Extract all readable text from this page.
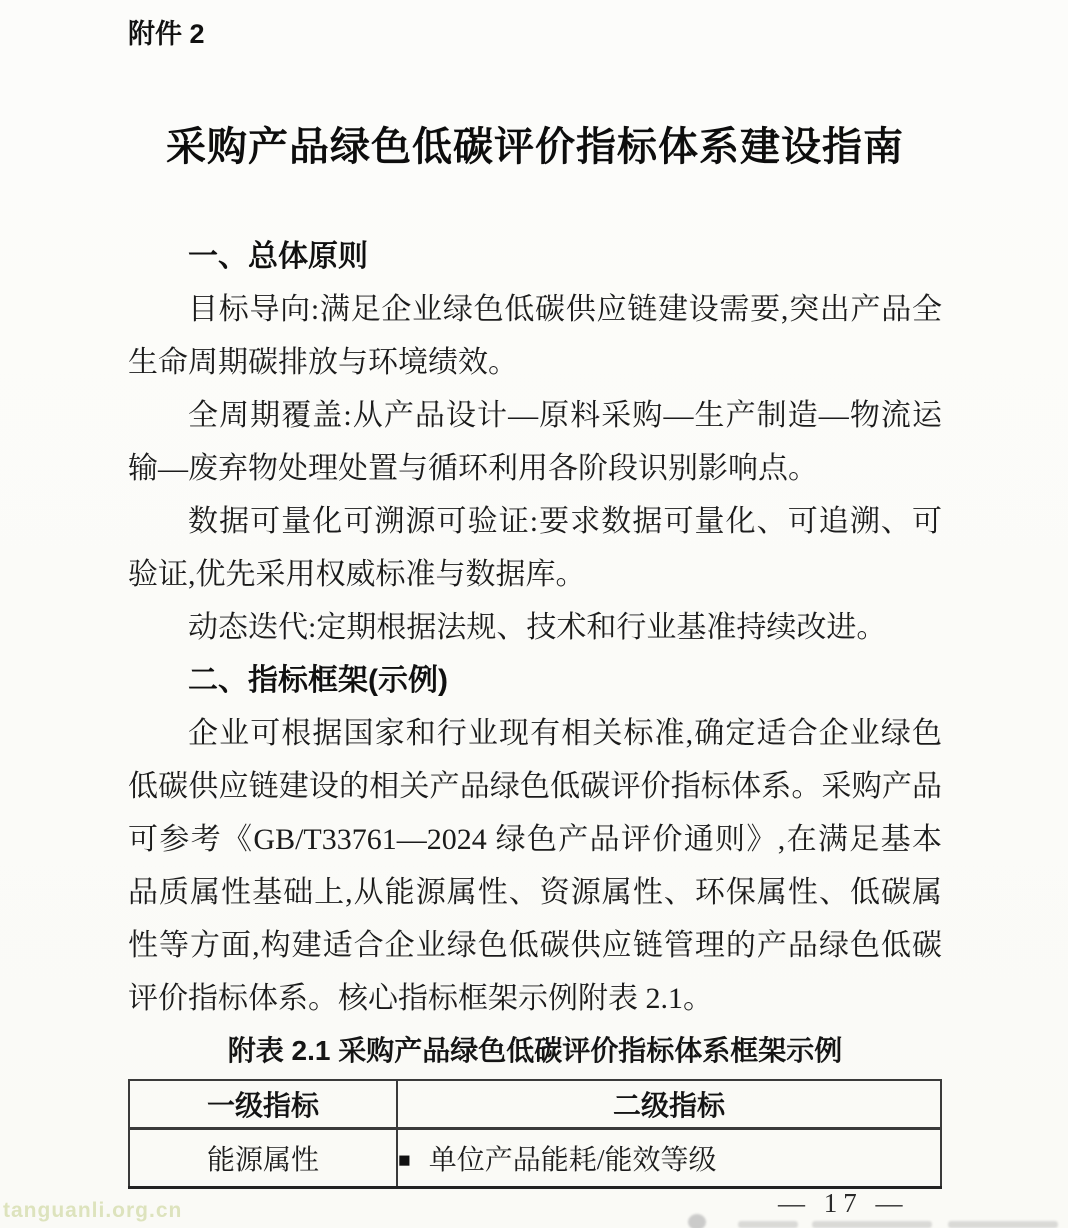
附件 2
采购产品绿色低碳评价指标体系建设指南
一、总体原则

目标导向:满足企业绿色低碳供应链建设需要,突出产品全生命周期碳排放与环境绩效。

全周期覆盖:从产品设计—原料采购—生产制造—物流运输—废弃物处理处置与循环利用各阶段识别影响点。

数据可量化可溯源可验证:要求数据可量化、可追溯、可验证,优先采用权威标准与数据库。

动态迭代:定期根据法规、技术和行业基准持续改进。

二、指标框架(示例)

企业可根据国家和行业现有相关标准,确定适合企业绿色低碳供应链建设的相关产品绿色低碳评价指标体系。采购产品可参考《GB/T33761—2024 绿色产品评价通则》,在满足基本品质属性基础上,从能源属性、资源属性、环保属性、低碳属性等方面,构建适合企业绿色低碳供应链管理的产品绿色低碳评价指标体系。核心指标框架示例附表 2.1。

附表 2.1 采购产品绿色低碳评价指标体系框架示例
一级指标	二级指标
能源属性	■ 单位产品能耗/能效等级
— 17 —
tanguanli.org.cn
